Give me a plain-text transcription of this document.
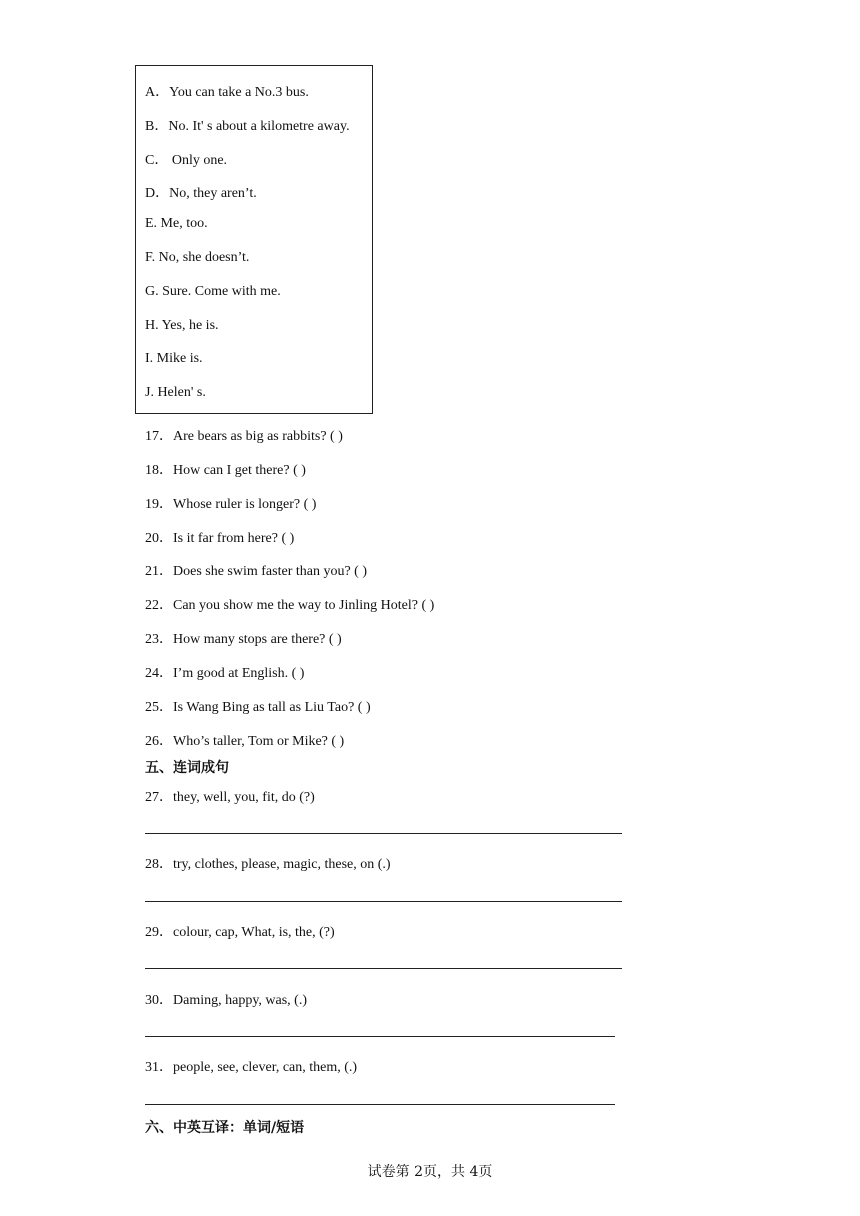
A．You can take a No.3 bus.
B．No. It' s about a kilometre away.
C． Only one.
D．No, they aren’t.
E. Me, too.
F. No, she doesn’t.
G. Sure. Come with me.
H. Yes, he is.
I. Mike is.
J. Helen' s.
17．Are bears as big as rabbits? ( )
18．How can I get there? ( )
19．Whose ruler is longer? ( )
20．Is it far from here? ( )
21．Does she swim faster than you? ( )
22．Can you show me the way to Jinling Hotel? ( )
23．How many stops are there? ( )
24．I’m good at English. ( )
25．Is Wang Bing as tall as Liu Tao? ( )
26．Who’s taller, Tom or Mike? ( )
五、连词成句
27．they, well, you, fit, do (?)
28．try, clothes, please, magic, these, on (.)
29．colour, cap, What, is, the, (?)
30．Daming, happy, was, (.)
31．people, see, clever, can, them, (.)
六、中英互译：单词/短语
试卷第 2页，共 4页
